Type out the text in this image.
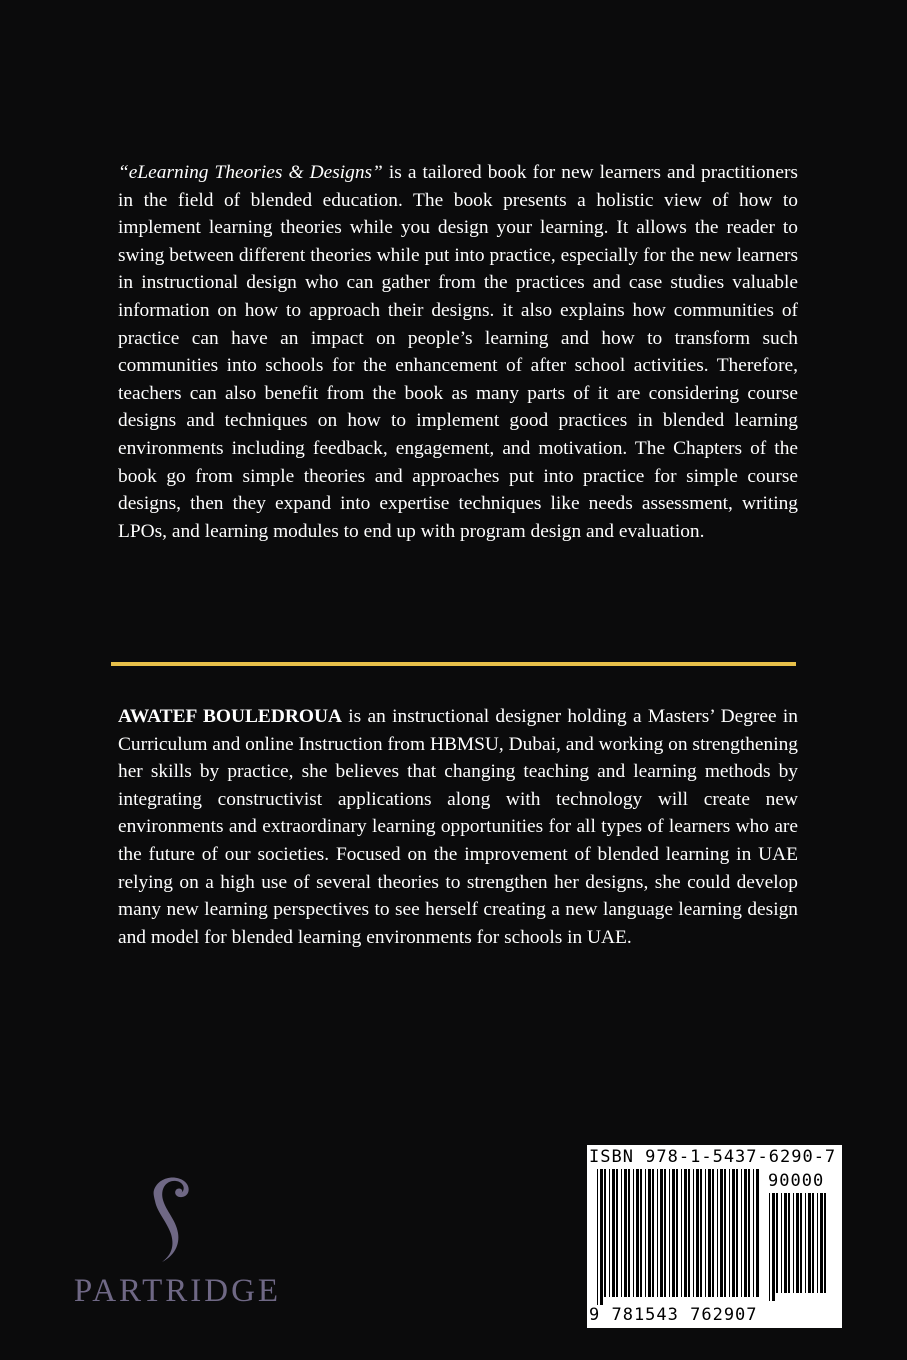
“eLearning Theories & Designs” is a tailored book for new learners and practitioners in the field of blended education. The book presents a holistic view of how to implement learning theories while you design your learning. It allows the reader to swing between different theories while put into practice, especially for the new learners in instructional design who can gather from the practices and case studies valuable information on how to approach their designs. it also explains how communities of practice can have an impact on people’s learning and how to transform such communities into schools for the enhancement of after school activities. Therefore, teachers can also benefit from the book as many parts of it are considering course designs and techniques on how to implement good practices in blended learning environments including feedback, engagement, and motivation. The Chapters of the book go from simple theories and approaches put into practice for simple course designs, then they expand into expertise techniques like needs assessment, writing LPOs, and learning modules to end up with program design and evaluation.

AWATEF BOULEDROUA is an instructional designer holding a Masters’ Degree in Curriculum and online Instruction from HBMSU, Dubai, and working on strengthening her skills by practice, she believes that changing teaching and learning methods by integrating constructivist applications along with technology will create new environments and extraordinary learning opportunities for all types of learners who are the future of our societies. Focused on the improvement of blended learning in UAE relying on a high use of several theories to strengthen her designs, she could develop many new learning perspectives to see herself creating a new language learning design and model for blended learning environments for schools in UAE.

PARTRIDGE
ISBN 978-1-5437-6290-7
90000
9 781543 762907
